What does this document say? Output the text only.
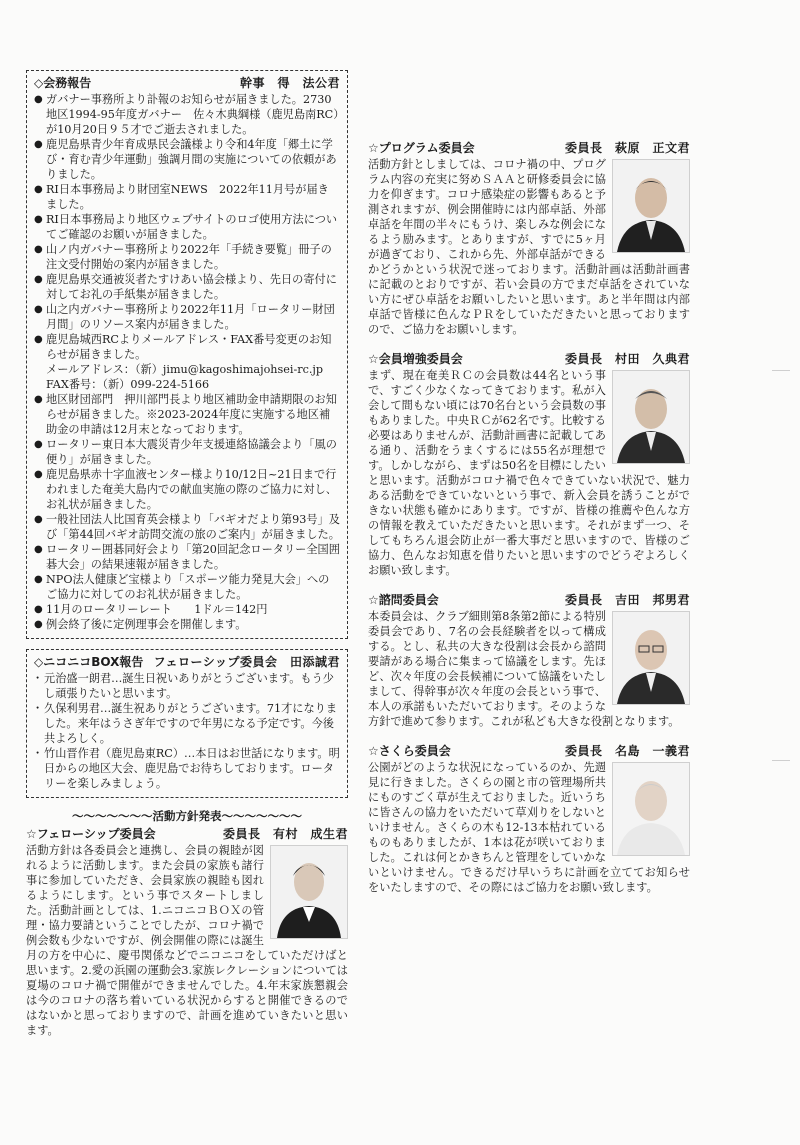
◇会務報告	幹事　得　法公君
● ガバナー事務所より訃報のお知らせが届きました。2730地区1994-95年度ガバナー　佐々木典綱様（鹿児島南RC）が10月20日９５才でご逝去されました。
● 鹿児島県青少年育成県民会議様より令和4年度「郷土に学び・育む青少年運動」強調月間の実施についての依頼がありました。
● RI日本事務局より財団室NEWS　2022年11月号が届きました。
● RI日本事務局より地区ウェブサイトのロゴ使用方法についてご確認のお願いが届きました。
● 山ノ内ガバナー事務所より2022年「手続き要覧」冊子の注文受付開始の案内が届きました。
● 鹿児島県交通被災者たすけあい協会様より、先日の寄付に対してお礼の手紙集が届きました。
● 山之内ガバナー事務所より2022年11月「ロータリー財団月間」のリソース案内が届きました。
● 鹿児島城西RCよりメールアドレス・FAX番号変更のお知らせが届きました。
メールアドレス：（新）jimu@kagoshimajohsei-rc.jp
FAX番号：（新）099-224-5166
● 地区財団部門　押川部門長より地区補助金申請期限のお知らせが届きました。※2023-2024年度に実施する地区補助金の申請は12月末となっております。
● ロータリー東日本大震災青少年支援連絡協議会より「風の便り」が届きました。
● 鹿児島県赤十字血液センター様より10/12日~21日まで行われました奄美大島内での献血実施の際のご協力に対し、お礼状が届きました。
● 一般社団法人比国育英会様より「バギオだより第93号」及び「第44回バギオ訪問交流の旅のご案内」が届きました。
● ロータリー囲碁同好会より「第20回記念ロータリー全国囲碁大会」の結果速報が届きました。
● NPO法人健康ど宝様より「スポーツ能力発見大会」へのご協力に対してのお礼状が届きました。
● 11月のロータリーレート　　1ドル＝142円
● 例会終了後に定例理事会を開催します。
◇ニコニコBOX報告 フェローシップ委員会　田添誠君
・ 元治盛一朗君…誕生日祝いありがとうございます。もう少し頑張りたいと思います。
・ 久保利男君…誕生祝ありがとうございます。71才になりました。来年はうさぎ年ですので年男になる予定です。今後共よろしく。
・ 竹山晋作君（鹿児島東RC）…本日はお世話になります。明日からの地区大会、鹿児島でお待ちしております。ロータリーを楽しみましょう。
〜〜〜〜〜〜〜活動方針発表〜〜〜〜〜〜〜
☆フェローシップ委員会	委員長　有村　成生君

活動方針は各委員会と連携し、会員の親睦が図れるように活動します。また会員の家族も諸行事に参加していただき、会員家族の親睦も図れるようにします。という事でスタートしました。活動計画としては、1.ニコニコＢＯＸの管理・協力要請ということでしたが、コロナ禍で例会数も少ないですが、例会開催の際には誕生月の方を中心に、慶弔関係などでニコニコをしていただけばと思います。2.愛の浜園の運動会3.家族レクレーションについては夏場のコロナ禍で開催ができませんでした。4.年末家族懇親会は今のコロナの落ち着いている状況からすると開催できるのではないかと思っておりますので、計画を進めていきたいと思います。

☆プログラム委員会	委員長　萩原　正文君

活動方針としましては、コロナ禍の中、プログラム内容の充実に努めＳＡＡと研修委員会に協力を仰ぎます。コロナ感染症の影響もあると予測されますが、例会開催時には内部卓話、外部卓話を年間の半々にもうけ、楽しみな例会になるよう励みます。とありますが、すでに5ヶ月が過ぎており、これから先、外部卓話ができるかどうかという状況で迷っております。活動計画は活動計画書に記載のとおりですが、若い会員の方でまだ卓話をされていない方にぜひ卓話をお願いしたいと思います。あと半年間は内部卓話で皆様に色んなＰＲをしていただきたいと思っておりますので、ご協力をお願いします。

☆会員増強委員会	委員長　村田　久典君

まず、現在奄美ＲＣの会員数は44名という事で、すごく少なくなってきております。私が入会して間もない頃には70名台という会員数の事もありました。中央ＲＣが62名です。比較する必要はありませんが、活動計画書に記載してある通り、活動をうまくするには55名が理想です。しかしながら、まずは50名を目標にしたいと思います。活動がコロナ禍で色々できていない状況で、魅力ある活動をできていないという事で、新入会員を誘うことができない状態も確かにあります。ですが、皆様の推薦や色んな方の情報を教えていただきたいと思います。それがまず一つ、そしてもちろん退会防止が一番大事だと思いますので、皆様のご協力、色んなお知恵を借りたいと思いますのでどうぞよろしくお願い致します。

☆諮問委員会	委員長　吉田　邦男君

本委員会は、クラブ細則第8条第2節による特別委員会であり、7名の会長経験者を以って構成する。とし、私共の大きな役割は会長から諮問要請がある場合に集まって協議をします。先ほど、次々年度の会長候補について協議をいたしまして、得幹事が次々年度の会長という事で、本人の承諾もいただいております。そのような方針で進めて参ります。これが私ども大きな役割となります。

☆さくら委員会	委員長　名島　一義君

公園がどのような状況になっているのか、先週見に行きました。さくらの園と市の管理場所共にものすごく草が生えておりました。近いうちに皆さんの協力をいただいて草刈りをしないといけません。さくらの木も12-13本枯れているものもありましたが、1本は花が咲いておりました。これは何とかきちんと管理をしていかないといけません。できるだけ早いうちに計画を立ててお知らせをいたしますので、その際にはご協力をお願い致します。
